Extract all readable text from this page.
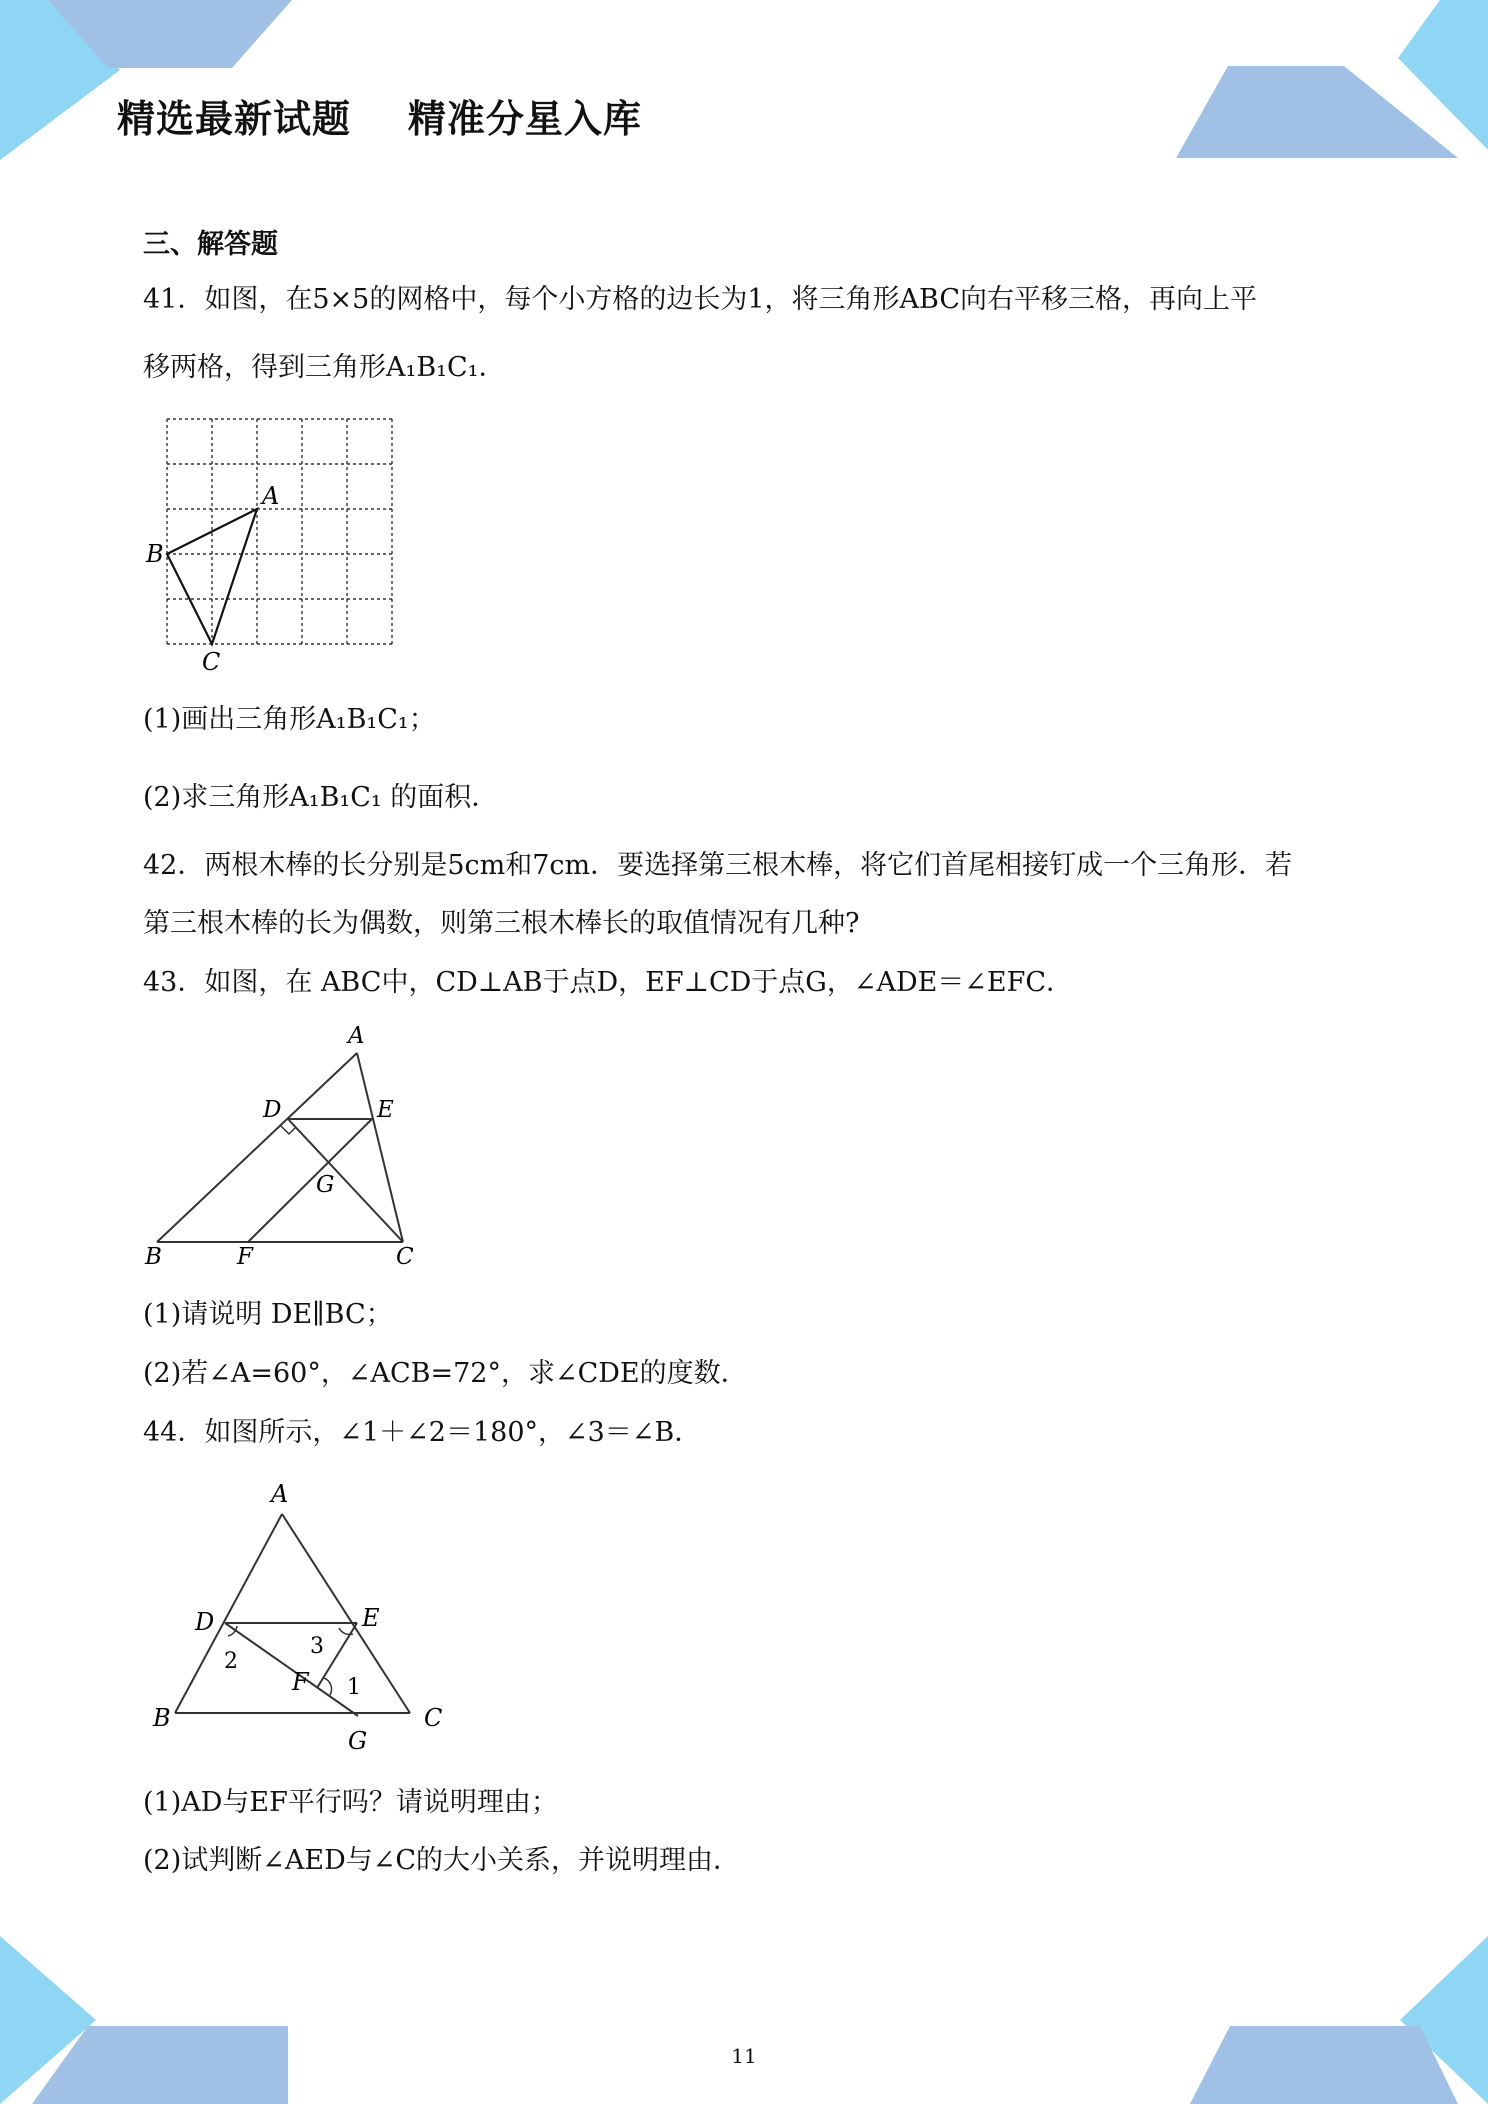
精选最新试题    精准分星入库
三、解答题
41．如图，在5×5的网格中，每个小方格的边长为1，将三角形ABC向右平移三格，再向上平
移两格，得到三角形A₁B₁C₁．
A
B
C
(1)画出三角形A₁B₁C₁；
(2)求三角形A₁B₁C₁ 的面积．
42．两根木棒的长分别是5cm和7cm．要选择第三根木棒，将它们首尾相接钉成一个三角形．若
第三根木棒的长为偶数，则第三根木棒长的取值情况有几种?
43．如图，在 ABC中，CD⊥AB于点D，EF⊥CD于点G，∠ADE＝∠EFC．
A
D	E
G
B	F	C
(1)请说明 DE∥BC；
(2)若∠A=60°，∠ACB=72°，求∠CDE的度数．
44．如图所示，∠1＋∠2＝180°，∠3＝∠B．
A
D	E
F
B
G
C
2
3
1
(1)AD与EF平行吗？请说明理由；
(2)试判断∠AED与∠C的大小关系，并说明理由．
11
